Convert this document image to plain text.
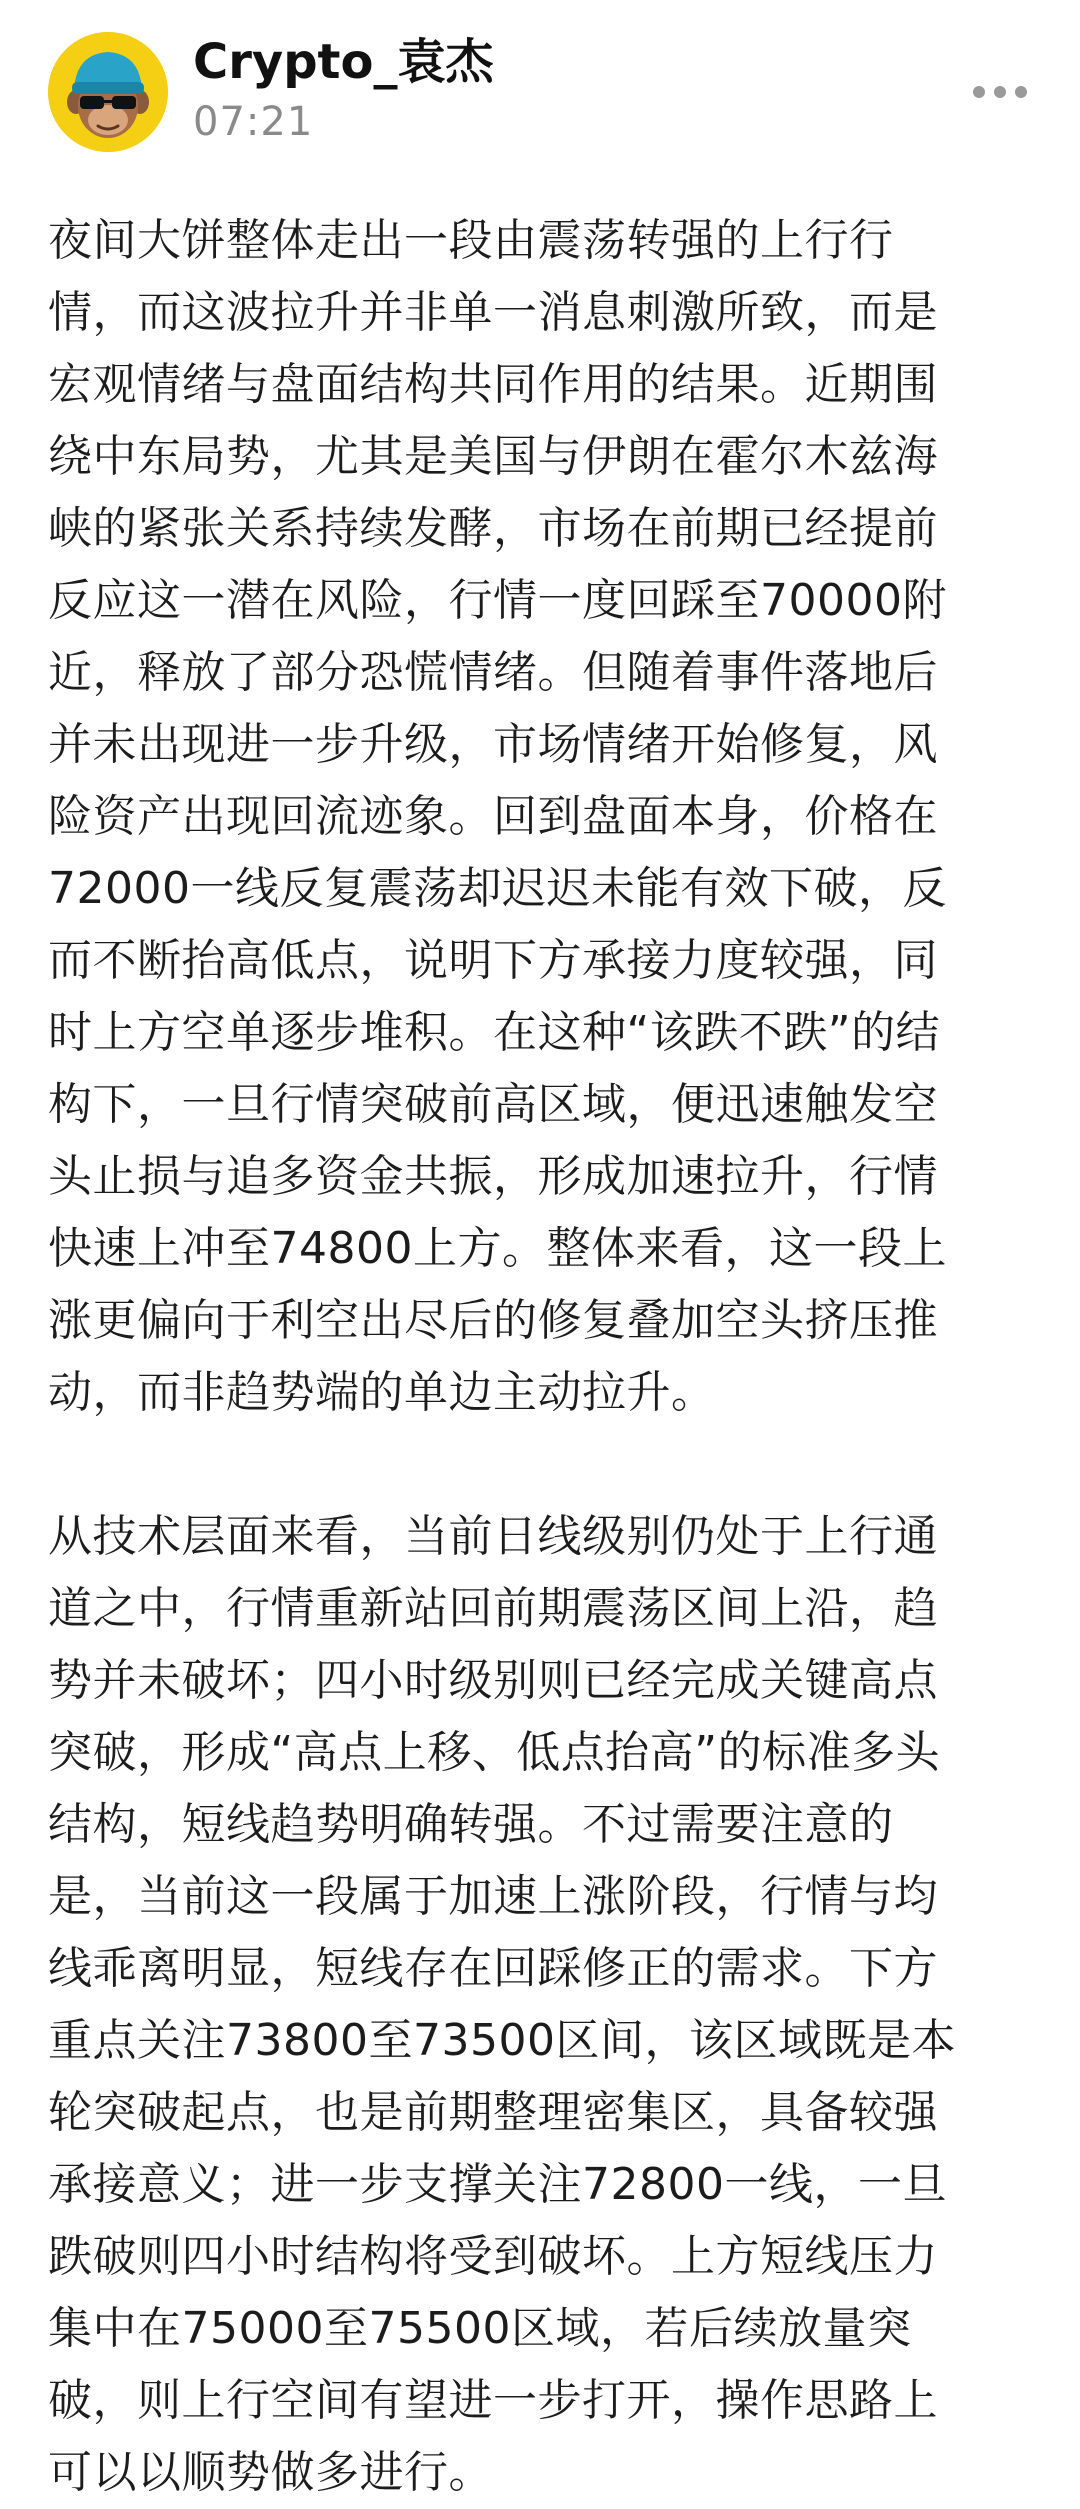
Crypto_袁杰
07:21
夜间大饼整体走出一段由震荡转强的上行行
情，而这波拉升并非单一消息刺激所致，而是
宏观情绪与盘面结构共同作用的结果。近期围
绕中东局势，尤其是美国与伊朗在霍尔木兹海
峡的紧张关系持续发酵，市场在前期已经提前
反应这一潜在风险，行情一度回踩至70000附
近，释放了部分恐慌情绪。但随着事件落地后
并未出现进一步升级，市场情绪开始修复，风
险资产出现回流迹象。回到盘面本身，价格在
72000一线反复震荡却迟迟未能有效下破，反
而不断抬高低点，说明下方承接力度较强，同
时上方空单逐步堆积。在这种“该跌不跌”的结
构下，一旦行情突破前高区域，便迅速触发空
头止损与追多资金共振，形成加速拉升，行情
快速上冲至74800上方。整体来看，这一段上
涨更偏向于利空出尽后的修复叠加空头挤压推
动，而非趋势端的单边主动拉升。
从技术层面来看，当前日线级别仍处于上行通
道之中，行情重新站回前期震荡区间上沿，趋
势并未破坏；四小时级别则已经完成关键高点
突破，形成“高点上移、低点抬高”的标准多头
结构，短线趋势明确转强。不过需要注意的
是，当前这一段属于加速上涨阶段，行情与均
线乖离明显，短线存在回踩修正的需求。下方
重点关注73800至73500区间，该区域既是本
轮突破起点，也是前期整理密集区，具备较强
承接意义；进一步支撑关注72800一线，一旦
跌破则四小时结构将受到破坏。上方短线压力
集中在75000至75500区域，若后续放量突
破，则上行空间有望进一步打开，操作思路上
可以以顺势做多进行。
